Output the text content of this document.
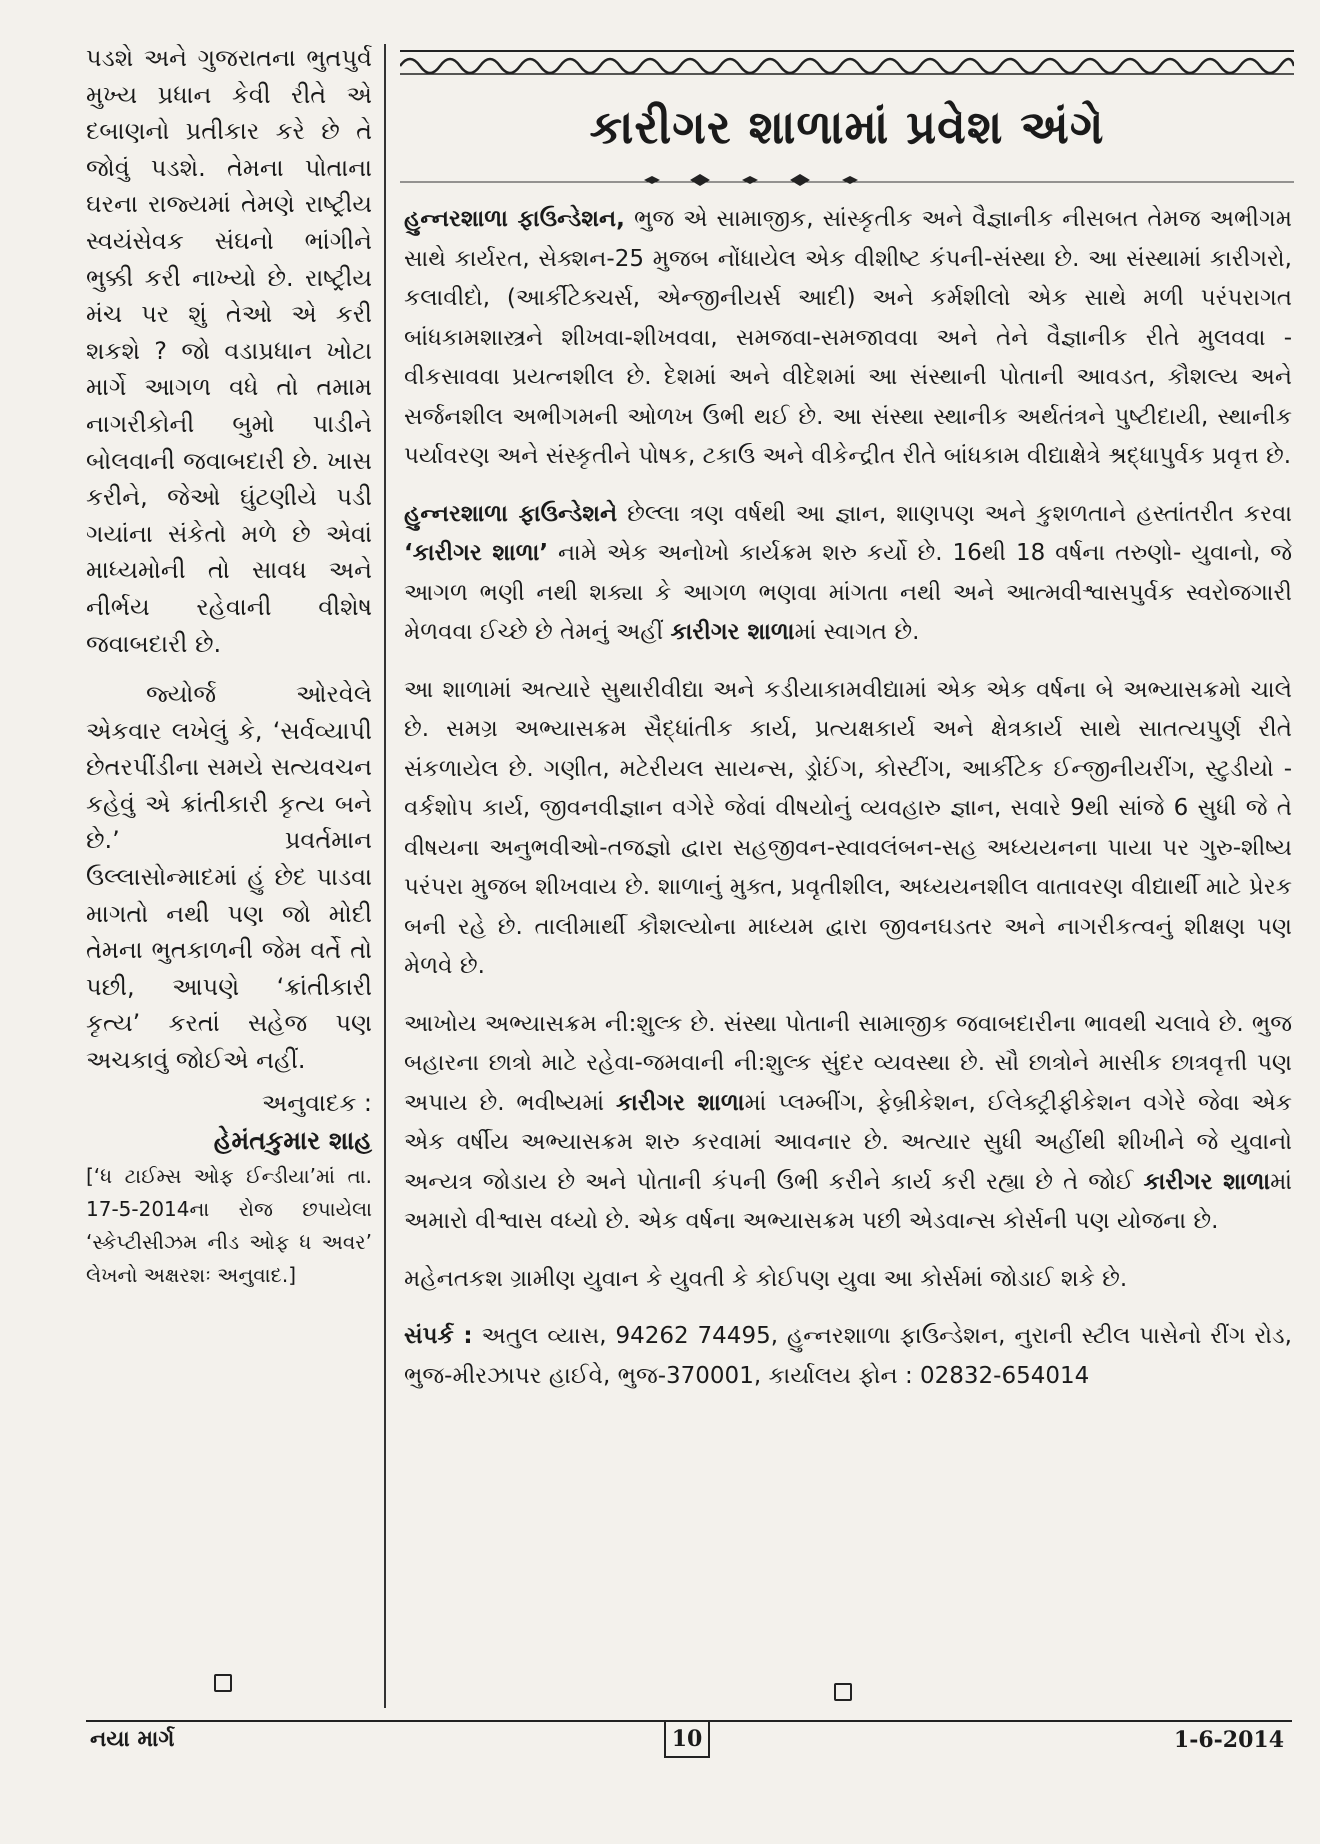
પડશે અને ગુજરાતના ભુતપુર્વ મુખ્ય પ્રધાન કેવી રીતે એ દબાણનો પ્રતીકાર કરે છે તે જોવું પડશે. તેમના પોતાના ઘરના રાજ્યમાં તેમણે રાષ્ટ્રીય સ્વયંસેવક સંઘનો ભાંગીને ભુક્કી કરી નાખ્યો છે. રાષ્ટ્રીય મંચ પર શું તેઓ એ કરી શકશે ? જો વડાપ્રધાન ખોટા માર્ગે આગળ વધે તો તમામ નાગરીકોની બુમો પાડીને બોલવાની જવાબદારી છે. ખાસ કરીને, જેઓ ઘુંટણીયે પડી ગયાંના સંકેતો મળે છે એવાં માધ્યમોની તો સાવધ અને નીર્ભય રહેવાની વીશેષ જવાબદારી છે.

જ્યોર્જ ઓરવેલે એકવાર લખેલું કે, ‘સર્વવ્યાપી છેતરપીંડીના સમયે સત્યવચન કહેવું એ ક્રાંતીકારી કૃત્ય બને છે.’ પ્રવર્તમાન ઉલ્લાસોન્માદમાં હું છેદ પાડવા માગતો નથી પણ જો મોદી તેમના ભુતકાળની જેમ વર્તે તો પછી, આપણે ‘ક્રાંતીકારી કૃત્ય’ કરતાં સહેજ પણ અચકાવું જોઈએ નહીં.

અનુવાદક :
હેમંતકુમાર શાહ

[‘ધ ટાઈમ્સ ઓફ ઈન્ડીયા’માં તા. 17-5-2014ના રોજ છપાયેલા ‘સ્કેપ્ટીસીઝમ નીડ ઓફ ધ અવર’ લેખનો અક્ષરશઃ અનુવાદ.]

કારીગર શાળામાં પ્રવેશ અંગે

હુન્નરશાળા ફાઉન્ડેશન, ભુજ એ સામાજીક, સાંસ્કૃતીક અને વૈજ્ઞાનીક નીસબત તેમજ અભીગમ સાથે કાર્યરત, સેક્શન-25 મુજબ નોંધાયેલ એક વીશીષ્ટ કંપની-સંસ્થા છે. આ સંસ્થામાં કારીગરો, કલાવીદો, (આર્કીટેક્ચર્સ, એન્જીનીયર્સ આદી) અને કર્મશીલો એક સાથે મળી પરંપરાગત બાંધકામશાસ્ત્રને શીખવા-શીખવવા, સમજવા-સમજાવવા અને તેને વૈજ્ઞાનીક રીતે મુલવવા - વીકસાવવા પ્રયત્નશીલ છે. દેશમાં અને વીદેશમાં આ સંસ્થાની પોતાની આવડત, કૌશલ્ય અને સર્જનશીલ અભીગમની ઓળખ ઉભી થઈ છે. આ સંસ્થા સ્થાનીક અર્થતંત્રને પુષ્ટીદાયી, સ્થાનીક પર્યાવરણ અને સંસ્કૃતીને પોષક, ટકાઉ અને વીકેન્દ્રીત રીતે બાંધકામ વીદ્યાક્ષેત્રે શ્રદ્ધાપુર્વક પ્રવૃત્ત છે.

હુન્નરશાળા ફાઉન્ડેશને છેલ્લા ત્રણ વર્ષથી આ જ્ઞાન, શાણપણ અને કુશળતાને હસ્તાંતરીત કરવા ‘કારીગર શાળા’ નામે એક અનોખો કાર્યક્રમ શરુ કર્યો છે. 16થી 18 વર્ષના તરુણો- યુવાનો, જે આગળ ભણી નથી શક્યા કે આગળ ભણવા માંગતા નથી અને આત્મવીશ્વાસપુર્વક સ્વરોજગારી મેળવવા ઈચ્છે છે તેમનું અહીં કારીગર શાળામાં સ્વાગત છે.

આ શાળામાં અત્યારે સુથારીવીદ્યા અને કડીયાકામવીદ્યામાં એક એક વર્ષના બે અભ્યાસક્રમો ચાલે છે. સમગ્ર અભ્યાસક્રમ સૈદ્ધાંતીક કાર્ય, પ્રત્યક્ષકાર્ય અને ક્ષેત્રકાર્ય સાથે સાતત્યપુર્ણ રીતે સંકળાયેલ છે. ગણીત, મટેરીયલ સાયન્સ, ડ્રોઈંગ, કોસ્ટીંગ, આર્કીટેક ઈન્જીનીયરીંગ, સ્ટુડીયો - વર્કશોપ કાર્ય, જીવનવીજ્ઞાન વગેરે જેવાં વીષયોનું વ્યવહારુ જ્ઞાન, સવારે 9થી સાંજે 6 સુધી જે તે વીષયના અનુભવીઓ-તજજ્ઞો દ્વારા સહજીવન-સ્વાવલંબન-સહ અધ્યયનના પાયા પર ગુરુ-શીષ્ય પરંપરા મુજબ શીખવાય છે. શાળાનું મુક્ત, પ્રવૃતીશીલ, અધ્યયનશીલ વાતાવરણ વીદ્યાર્થી માટે પ્રેરક બની રહે છે. તાલીમાર્થી કૌશલ્યોના માધ્યમ દ્વારા જીવનઘડતર અને નાગરીકત્વનું શીક્ષણ પણ મેળવે છે.

આખોય અભ્યાસક્રમ ની:શુલ્ક છે. સંસ્થા પોતાની સામાજીક જવાબદારીના ભાવથી ચલાવે છે. ભુજ બહારના છાત્રો માટે રહેવા-જમવાની ની:શુલ્ક સુંદર વ્યવસ્થા છે. સૌ છાત્રોને માસીક છાત્રવૃત્તી પણ અપાય છે. ભવીષ્યમાં કારીગર શાળામાં પ્લમ્બીંગ, ફેબ્રીકેશન, ઈલેક્ટ્રીફીકેશન વગેરે જેવા એક એક વર્ષીય અભ્યાસક્રમ શરુ કરવામાં આવનાર છે. અત્યાર સુધી અહીંથી શીખીને જે યુવાનો અન્યત્ર જોડાય છે અને પોતાની કંપની ઉભી કરીને કાર્ય કરી રહ્યા છે તે જોઈ કારીગર શાળામાં અમારો વીશ્વાસ વધ્યો છે. એક વર્ષના અભ્યાસક્રમ પછી એડવાન્સ કોર્સની પણ યોજના છે.

મહેનતકશ ગ્રામીણ યુવાન કે યુવતી કે કોઈપણ યુવા આ કોર્સમાં જોડાઈ શકે છે.

સંપર્ક : અતુલ વ્યાસ, 94262 74495, હુન્નરશાળા ફાઉન્ડેશન, નુરાની સ્ટીલ પાસેનો રીંગ રોડ, ભુજ-મીરઝાપર હાઈવે, ભુજ-370001, કાર્યાલય ફોન : 02832-654014

નયા માર્ગ	10	1-6-2014
